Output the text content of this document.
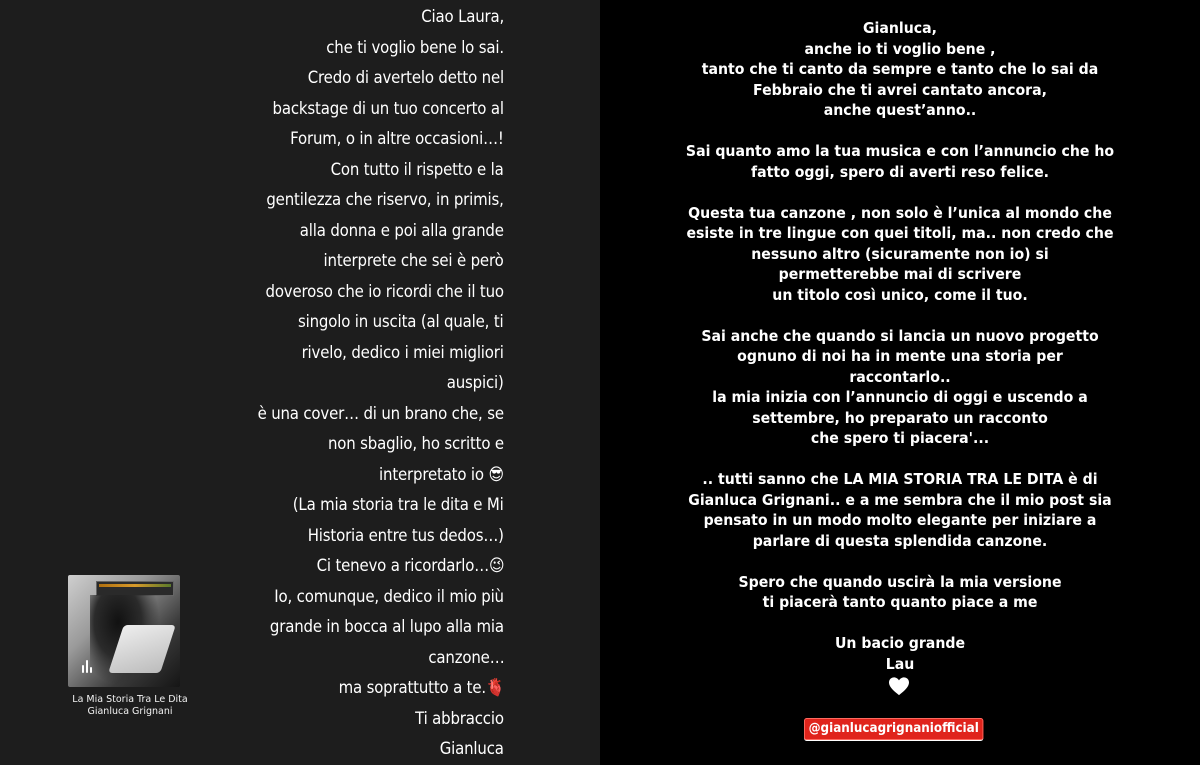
Ciao Laura,
che ti voglio bene lo sai.
Credo di avertelo detto nel
backstage di un tuo concerto al
Forum, o in altre occasioni…!
Con tutto il rispetto e la
gentilezza che riservo, in primis,
alla donna e poi alla grande
interprete che sei è però
doveroso che io ricordi che il tuo
singolo in uscita (al quale, ti
rivelo, dedico i miei migliori
auspici)
è una cover… di un brano che, se
non sbaglio, ho scritto e
interpretato io 😎
(La mia storia tra le dita e Mi
Historia entre tus dedos…)
Ci tenevo a ricordarlo…😉
Io, comunque, dedico il mio più
grande in bocca al lupo alla mia
canzone…
ma soprattutto a te.🫀
Ti abbraccio
Gianluca
La Mia Storia Tra Le Dita
Gianluca Grignani
Gianluca,
anche io ti voglio bene ,
tanto che ti canto da sempre e tanto che lo sai da
Febbraio che ti avrei cantato ancora,
anche quest’anno..
Sai quanto amo la tua musica e con l’annuncio che ho
fatto oggi, spero di averti reso felice.
Questa tua canzone , non solo è l’unica al mondo che
esiste in tre lingue con quei titoli, ma.. non credo che
nessuno altro (sicuramente non io) si
permetterebbe mai di scrivere
un titolo così unico, come il tuo.
Sai anche che quando si lancia un nuovo progetto
ognuno di noi ha in mente una storia per
raccontarlo..
la mia inizia con l’annuncio di oggi e uscendo a
settembre, ho preparato un racconto
che spero ti piacera'...
.. tutti sanno che LA MIA STORIA TRA LE DITA è di
Gianluca Grignani.. e a me sembra che il mio post sia
pensato in un modo molto elegante per iniziare a
parlare di questa splendida canzone.
Spero che quando uscirà la mia versione
ti piacerà tanto quanto piace a me
Un bacio grande
Lau
@gianlucagrignaniofficial
